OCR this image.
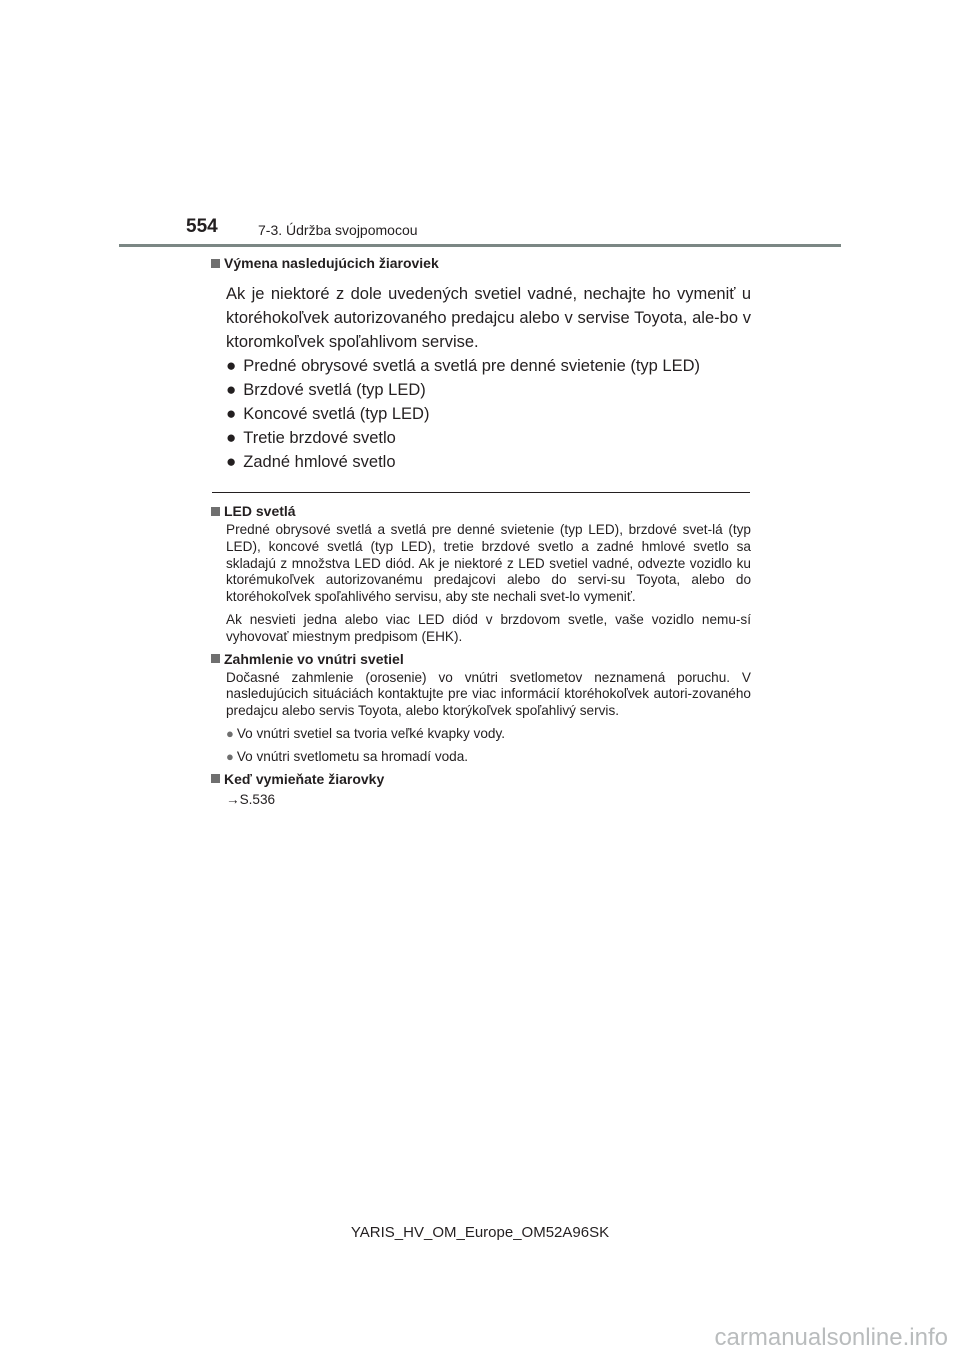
554	7-3. Údržba svojpomocou
Výmena nasledujúcich žiaroviek
Ak je niektoré z dole uvedených svetiel vadné, nechajte ho vymeniť u ktoréhokoľvek autorizovaného predajcu alebo v servise Toyota, ale-bo v ktoromkoľvek spoľahlivom servise.
● Predné obrysové svetlá a svetlá pre denné svietenie (typ LED)
● Brzdové svetlá (typ LED)
● Koncové svetlá (typ LED)
● Tretie brzdové svetlo
● Zadné hmlové svetlo
LED svetlá
Predné obrysové svetlá a svetlá pre denné svietenie (typ LED), brzdové svet-lá (typ LED), koncové svetlá (typ LED), tretie brzdové svetlo a zadné hmlové svetlo sa skladajú z množstva LED diód. Ak je niektoré z LED svetiel vadné, odvezte vozidlo ku ktorémukoľvek autorizovanému predajcovi alebo do servi-su Toyota, alebo do ktoréhokoľvek spoľahlivého servisu, aby ste nechali svet-lo vymeniť.
Ak nesvieti jedna alebo viac LED diód v brzdovom svetle, vaše vozidlo nemu-sí vyhovovať miestnym predpisom (EHK).
Zahmlenie vo vnútri svetiel
Dočasné zahmlenie (orosenie) vo vnútri svetlometov neznamená poruchu. V nasledujúcich situáciách kontaktujte pre viac informácií ktoréhokoľvek autori-zovaného predajcu alebo servis Toyota, alebo ktorýkoľvek spoľahlivý servis.
● Vo vnútri svetiel sa tvoria veľké kvapky vody.
● Vo vnútri svetlometu sa hromadí voda.
Keď vymieňate žiarovky
→S.536
YARIS_HV_OM_Europe_OM52A96SK
carmanualsonline.info
